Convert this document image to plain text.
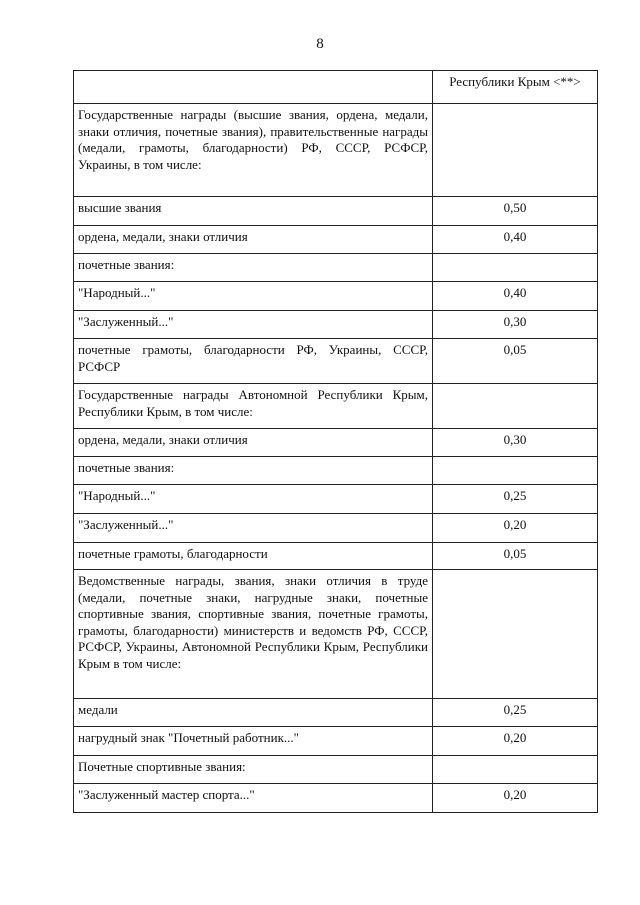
8
	Республики Крым <**>
Государственные награды (высшие звания, ордена, медали, знаки отличия, почетные звания), правительственные награды (медали, грамоты, благодарности) РФ, СССР, РСФСР, Украины, в том числе:	
высшие звания	0,50
ордена, медали, знаки отличия	0,40
почетные звания:	
"Народный..."	0,40
"Заслуженный..."	0,30
почетные грамоты, благодарности РФ, Украины, СССР, РСФСР	0,05
Государственные награды Автономной Республики Крым, Республики Крым, в том числе:	
ордена, медали, знаки отличия	0,30
почетные звания:	
"Народный..."	0,25
"Заслуженный..."	0,20
почетные грамоты, благодарности	0,05
Ведомственные награды, звания, знаки отличия в труде (медали, почетные знаки, нагрудные знаки, почетные спортивные звания, спортивные звания, почетные грамоты, грамоты, благодарности) министерств и ведомств РФ, СССР, РСФСР, Украины, Автономной Республики Крым, Республики Крым в том числе:	
медали	0,25
нагрудный знак "Почетный работник..."	0,20
Почетные спортивные звания:	
"Заслуженный мастер спорта..."	0,20
